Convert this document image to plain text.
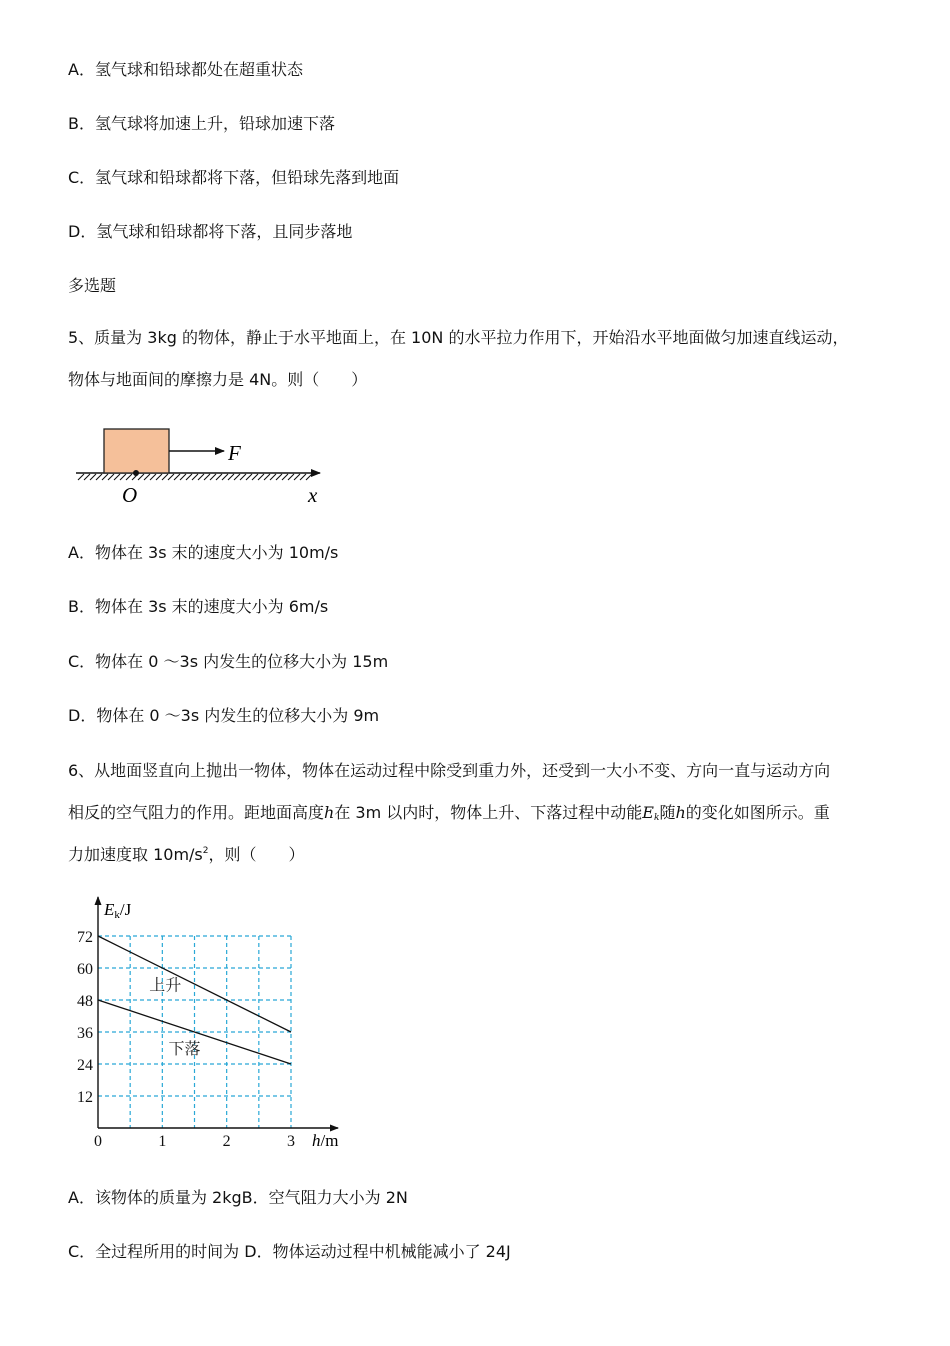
A．氢气球和铅球都处在超重状态
B．氢气球将加速上升，铅球加速下落
C．氢气球和铅球都将下落，但铅球先落到地面
D．氢气球和铅球都将下落，且同步落地
多选题
5、质量为 3kg 的物体，静止于水平地面上，在 10N 的水平拉力作用下，开始沿水平地面做匀加速直线运动，
物体与地面间的摩擦力是 4N。则（　　）
F
O	x
A．物体在 3s 末的速度大小为 10m/s
B．物体在 3s 末的速度大小为 6m/s
C．物体在 0 ～3s 内发生的位移大小为 15m
D．物体在 0 ～3s 内发生的位移大小为 9m
6、从地面竖直向上抛出一物体，物体在运动过程中除受到重力外，还受到一大小不变、方向一直与运动方向
相反的空气阻力的作用。距地面高度h在 3m 以内时，物体上升、下落过程中动能$E_k$随h的变化如图所示。重
力加速度取 $10m/s^2$，则（　　）
上升
下落
0	1	2	3
72
60
48
36
24
12
Ek/J
h/m
A．该物体的质量为 2kgB．空气阻力大小为 2N
C．全过程所用的时间为 D．物体运动过程中机械能减小了 24J
